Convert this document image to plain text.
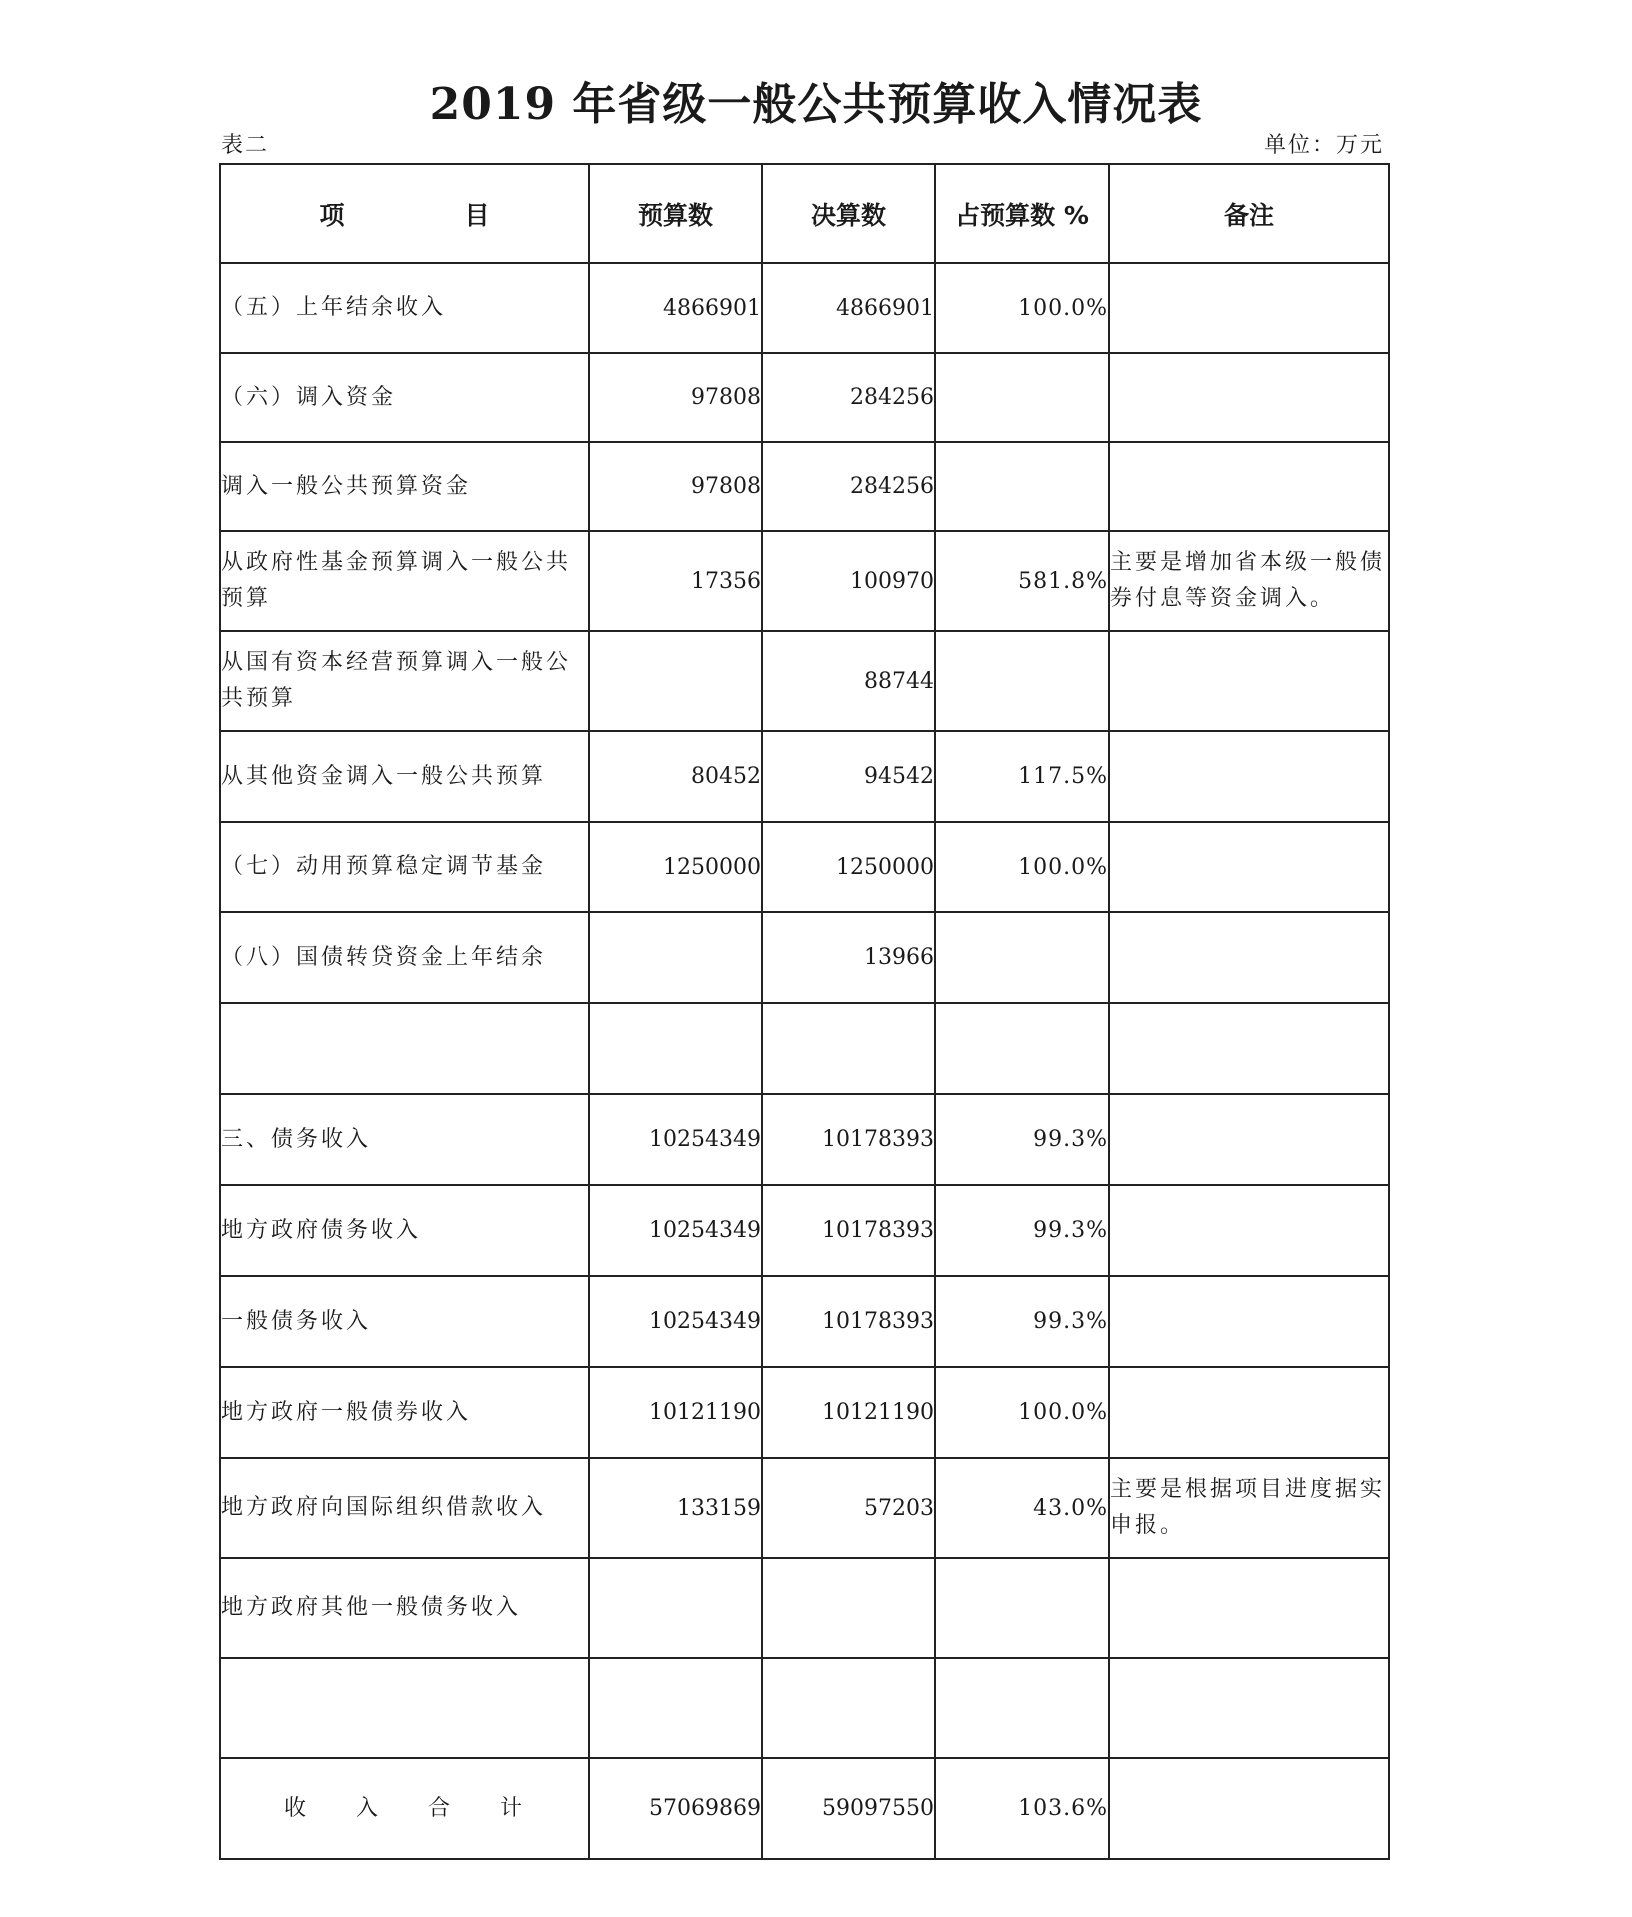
2019 年省级一般公共预算收入情况表
表二	单位：万元
项 目	预算数	决算数	占预算数 %	备注
（五）上年结余收入	4866901	4866901	100.0%	
（六）调入资金	97808	284256		
调入一般公共预算资金	97808	284256		
从政府性基金预算调入一般公共预算	17356	100970	581.8%	主要是增加省本级一般债券付息等资金调入。
从国有资本经营预算调入一般公共预算		88744		
从其他资金调入一般公共预算	80452	94542	117.5%	
（七）动用预算稳定调节基金	1250000	1250000	100.0%	
（八）国债转贷资金上年结余		13966		

三、债务收入	10254349	10178393	99.3%	
地方政府债务收入	10254349	10178393	99.3%	
一般债务收入	10254349	10178393	99.3%	
地方政府一般债券收入	10121190	10121190	100.0%	
地方政府向国际组织借款收入	133159	57203	43.0%	主要是根据项目进度据实申报。
地方政府其他一般债务收入				

收 入 合 计	57069869	59097550	103.6%	
